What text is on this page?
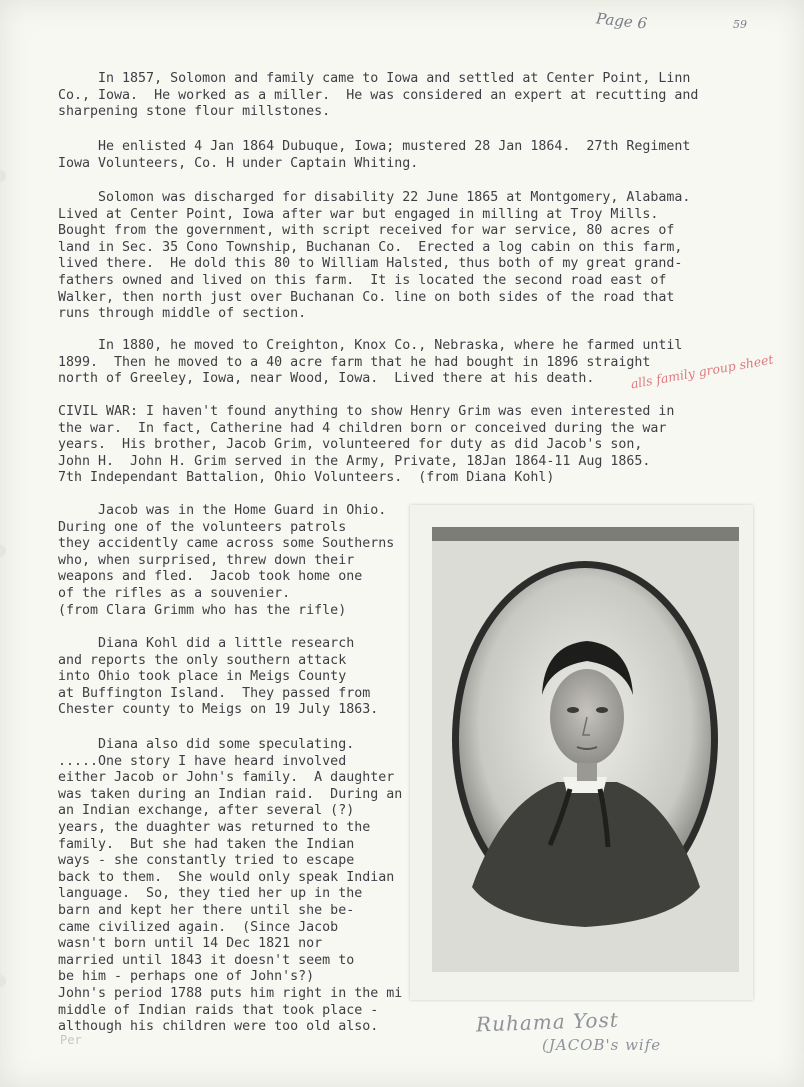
Page 6	59
In 1857, Solomon and family came to Iowa and settled at Center Point, Linn
Co., Iowa.  He worked as a miller.  He was considered an expert at recutting and
sharpening stone flour millstones.
He enlisted 4 Jan 1864 Dubuque, Iowa; mustered 28 Jan 1864.  27th Regiment
Iowa Volunteers, Co. H under Captain Whiting.
Solomon was discharged for disability 22 June 1865 at Montgomery, Alabama.
Lived at Center Point, Iowa after war but engaged in milling at Troy Mills.
Bought from the government, with script received for war service, 80 acres of
land in Sec. 35 Cono Township, Buchanan Co.  Erected a log cabin on this farm,
lived there.  He dold this 80 to William Halsted, thus both of my great grand-
fathers owned and lived on this farm.  It is located the second road east of
Walker, then north just over Buchanan Co. line on both sides of the road that
runs through middle of section.
In 1880, he moved to Creighton, Knox Co., Nebraska, where he farmed until
1899.  Then he moved to a 40 acre farm that he had bought in 1896 straight
north of Greeley, Iowa, near Wood, Iowa.  Lived there at his death.	alls family group sheet
CIVIL WAR: I haven't found anything to show Henry Grim was even interested in
the war.  In fact, Catherine had 4 children born or conceived during the war
years.  His brother, Jacob Grim, volunteered for duty as did Jacob's son,
John H.  John H. Grim served in the Army, Private, 18Jan 1864-11 Aug 1865.
7th Independant Battalion, Ohio Volunteers.  (from Diana Kohl)
Jacob was in the Home Guard in Ohio.
During one of the volunteers patrols
they accidently came across some Southerns
who, when surprised, threw down their
weapons and fled.  Jacob took home one
of the rifles as a souvenier.
(from Clara Grimm who has the rifle)
Diana Kohl did a little research
and reports the only southern attack
into Ohio took place in Meigs County
at Buffington Island.  They passed from
Chester county to Meigs on 19 July 1863.
Diana also did some speculating.
.....One story I have heard involved
either Jacob or John's family.  A daughter
was taken during an Indian raid.  During an
an Indian exchange, after several (?)
years, the duaghter was returned to the
family.  But she had taken the Indian
ways - she constantly tried to escape
back to them.  She would only speak Indian
language.  So, they tied her up in the
barn and kept her there until she be-
came civilized again.  (Since Jacob
wasn't born until 14 Dec 1821 nor
married until 1843 it doesn't seem to
be him - perhaps one of John's?)
John's period 1788 puts him right in the mi
middle of Indian raids that took place -
although his children were too old also.	Ruhama Yost
(JACOB's wife
Per
